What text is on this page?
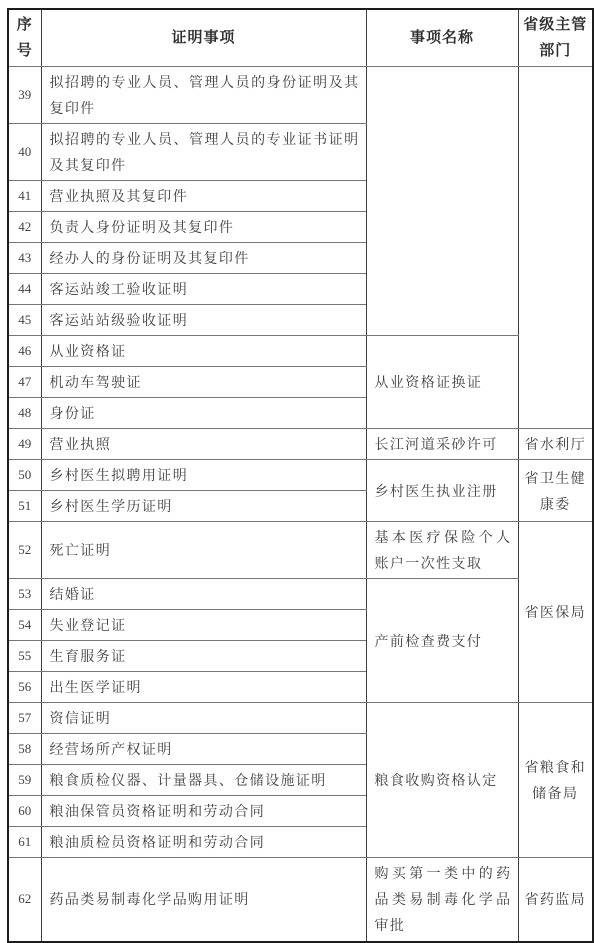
序号	证明事项	事项名称	省级主管部门
39	拟招聘的专业人员、管理人员的身份证明及其复印件		
40	拟招聘的专业人员、管理人员的专业证书证明及其复印件		
41	营业执照及其复印件		
42	负责人身份证明及其复印件		
43	经办人的身份证明及其复印件		
44	客运站竣工验收证明		
45	客运站站级验收证明		
46	从业资格证	从业资格证换证	
47	机动车驾驶证		
48	身份证		
49	营业执照	长江河道采砂许可	省水利厅
50	乡村医生拟聘用证明	乡村医生执业注册	省卫生健康委
51	乡村医生学历证明		
52	死亡证明	基本医疗保险个人账户一次性支取	省医保局
53	结婚证	产前检查费支付	
54	失业登记证		
55	生育服务证		
56	出生医学证明		
57	资信证明	粮食收购资格认定	省粮食和储备局
58	经营场所产权证明		
59	粮食质检仪器、计量器具、仓储设施证明		
60	粮油保管员资格证明和劳动合同		
61	粮油质检员资格证明和劳动合同		
62	药品类易制毒化学品购用证明	购买第一类中的药品类易制毒化学品审批	省药监局
